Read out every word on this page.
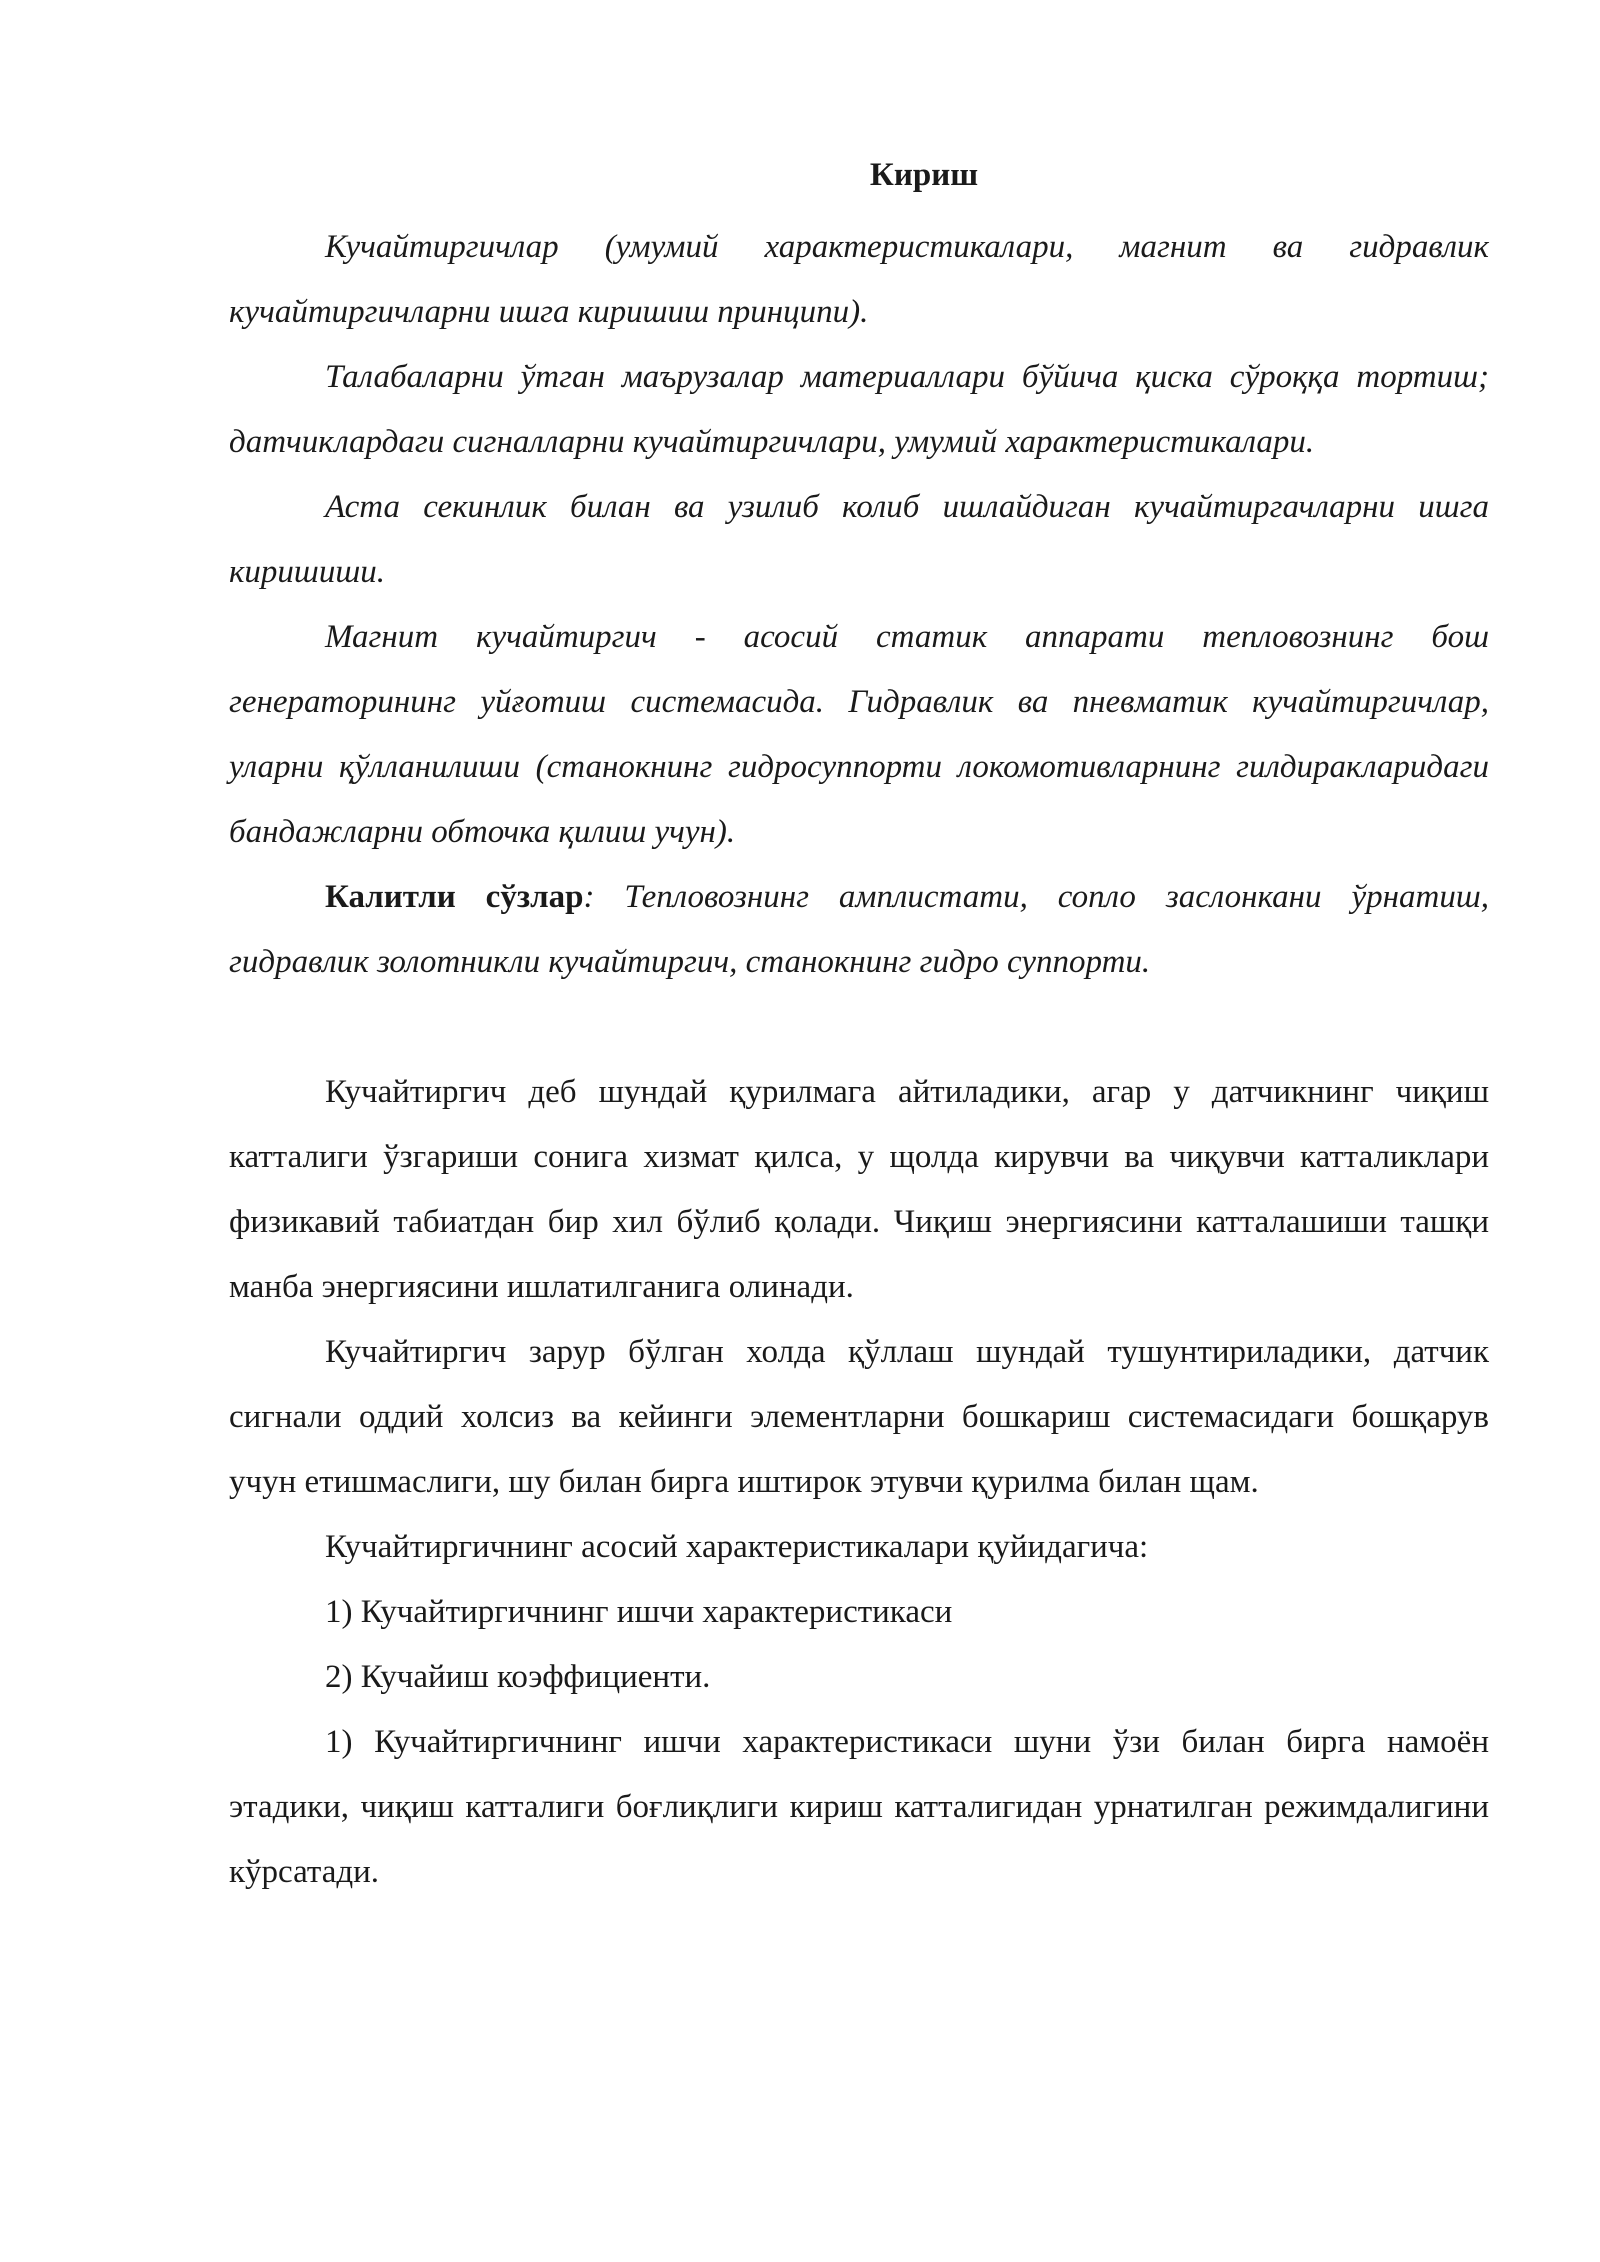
Кириш

Кучайтиргичлар (умумий характеристикалари, магнит ва гидравлик кучайтиргичларни ишга киришиш принципи).

Талабаларни ўтган маърузалар материаллари бўйича қиска сўроққа тортиш; датчиклардаги сигналларни кучайтиргичлари, умумий характеристикалари.

Аста секинлик билан ва узилиб колиб ишлайдиган кучайтиргачларни ишга киришиши.

Магнит кучайтиргич - асосий статик аппарати тепловознинг бош генераторининг уйғотиш системасида. Гидравлик ва пневматик кучайтиргичлар, уларни қўлланилиши (станокнинг гидросуппорти локомотивларнинг гилдиракларидаги бандажларни обточка қилиш учун).

Калитли сўзлар: Тепловознинг амплистати, сопло заслонкани ўрнатиш, гидравлик золотникли кучайтиргич, станокнинг гидро суппорти.

Кучайтиргич деб шундай қурилмага айтиладики, агар у датчикнинг чиқиш катталиги ўзгариши сонига хизмат қилса, у щолда кирувчи ва чиқувчи катталиклари физикавий табиатдан бир хил бўлиб қолади. Чиқиш энергиясини катталашиши ташқи манба энергиясини ишлатилганига олинади.

Кучайтиргич зарур бўлган холда қўллаш шундай тушунтириладики, датчик сигнали оддий холсиз ва кейинги элементларни бошкариш системасидаги бошқарув учун етишмаслиги, шу билан бирга иштирок этувчи қурилма билан щам.

Кучайтиргичнинг асосий характеристикалари қуйидагича:

1) Кучайтиргичнинг ишчи характеристикаси

2) Кучайиш коэффициенти.

1) Кучайтиргичнинг ишчи характеристикаси шуни ўзи билан бирга намоён этадики, чиқиш катталиги боғлиқлиги кириш катталигидан урнатилган режимдалигини кўрсатади.
